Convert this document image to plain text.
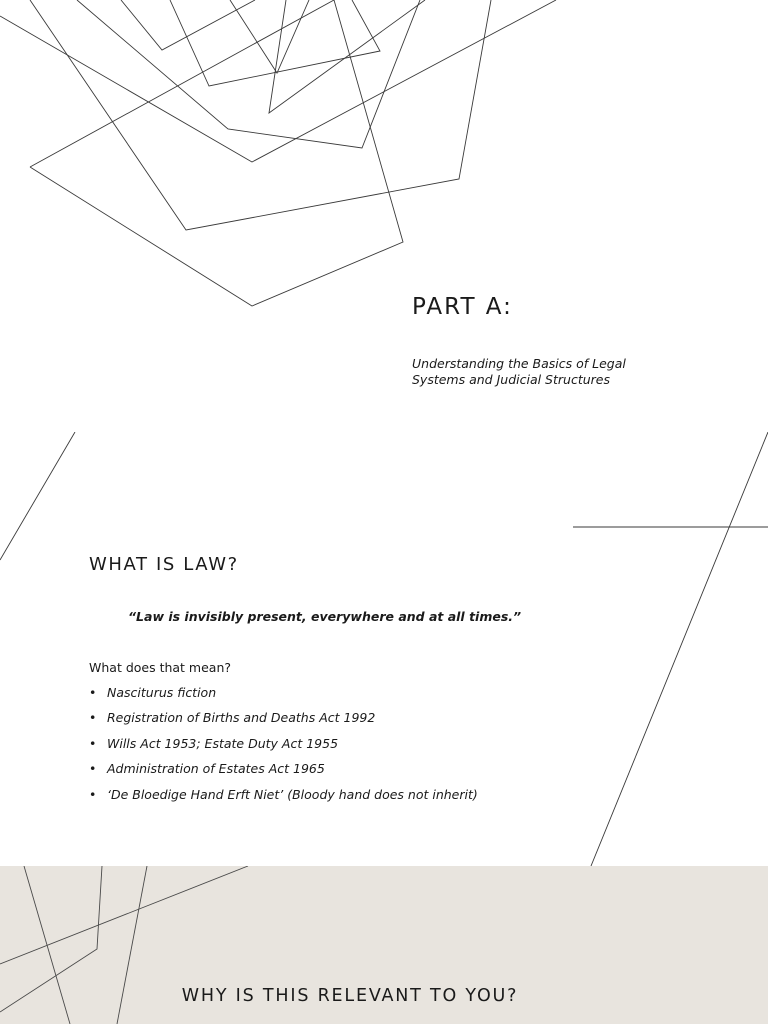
PART A:

Understanding the Basics of Legal Systems and Judicial Structures

WHAT IS LAW?

“Law is invisibly present, everywhere and at all times.”

What does that mean?

• Nasciturus fiction
• Registration of Births and Deaths Act 1992
• Wills Act 1953; Estate Duty Act 1955
• Administration of Estates Act 1965
• ‘De Bloedige Hand Erft Niet’ (Bloody hand does not inherit)
WHY IS THIS RELEVANT TO YOU?
